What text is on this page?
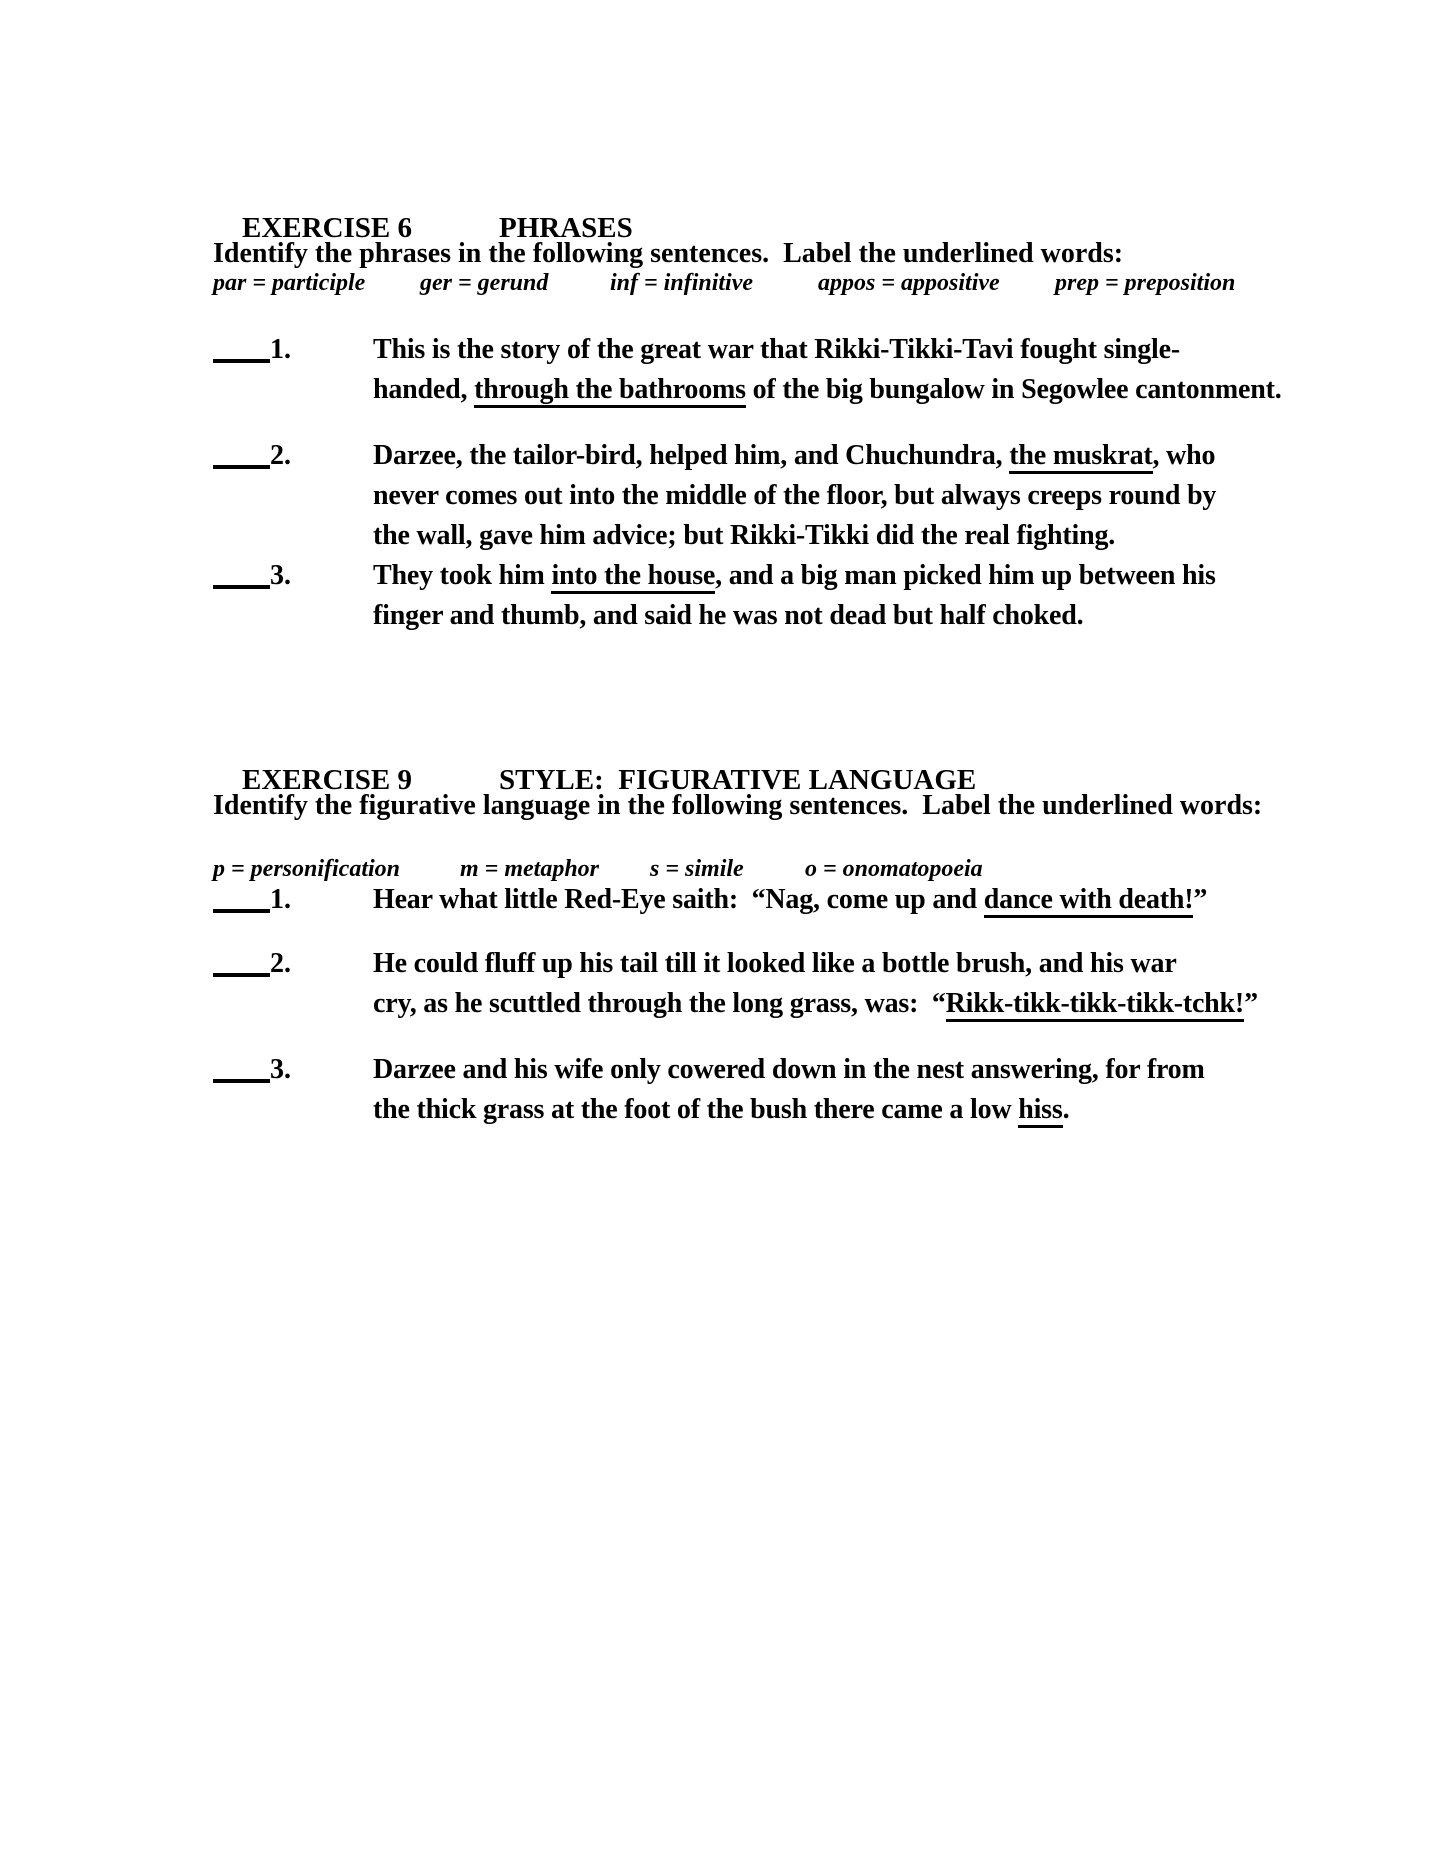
EXERCISE 6	PHRASES

Identify the phrases in the following sentences.  Label the underlined words:
par = participle ger = gerund	inf = infinitive	appos = appositive prep = preposition
1.	This is the story of the great war that Rikki-Tikki-Tavi fought single-
handed, through the bathrooms of the big bungalow in Segowlee cantonment.
2.	Darzee, the tailor-bird, helped him, and Chuchundra, the muskrat, who
never comes out into the middle of the floor, but always creeps round by
the wall, gave him advice; but Rikki-Tikki did the real fighting.
3.	They took him into the house, and a big man picked him up between his
finger and thumb, and said he was not dead but half choked.

EXERCISE 9	STYLE:  FIGURATIVE LANGUAGE

Identify the figurative language in the following sentences.  Label the underlined words:
p = personification m = metaphor s = simile	o = onomatopoeia
1.	Hear what little Red-Eye saith:  “Nag, come up and dance with death!”
2.	He could fluff up his tail till it looked like a bottle brush, and his war
cry, as he scuttled through the long grass, was:  “Rikk-tikk-tikk-tikk-tchk!”
3.	Darzee and his wife only cowered down in the nest answering, for from
the thick grass at the foot of the bush there came a low hiss.
